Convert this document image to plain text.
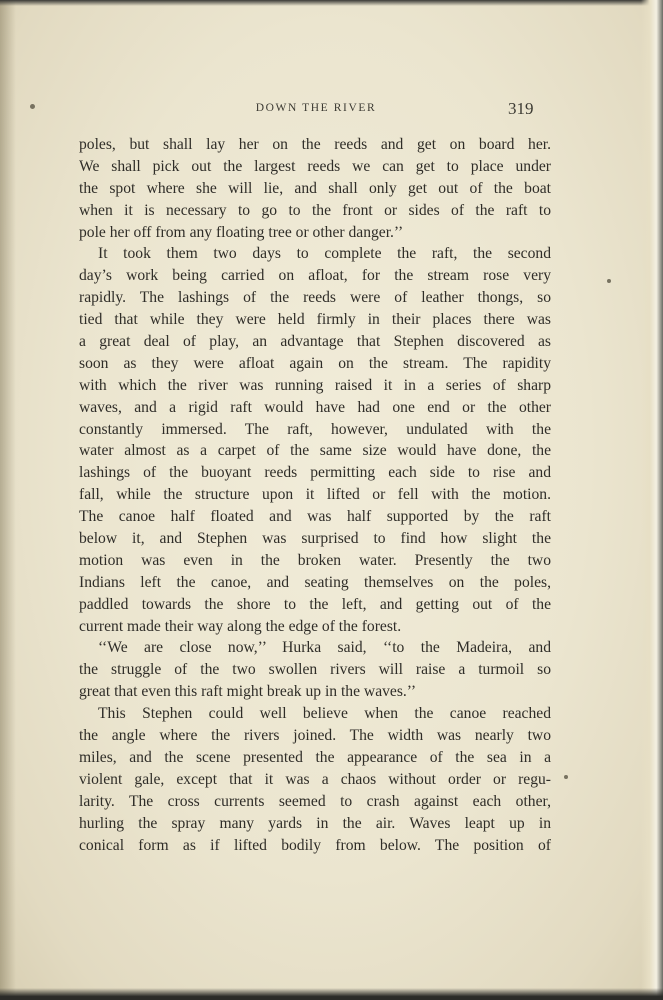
DOWN THE RIVER	319
poles, but shall lay her on the reeds and get on board her.
We shall pick out the largest reeds we can get to place under
the spot where she will lie, and shall only get out of the boat
when it is necessary to go to the front or sides of the raft to
pole her off from any floating tree or other danger.’’
It took them two days to complete the raft, the second
day’s work being carried on afloat, for the stream rose very
rapidly. The lashings of the reeds were of leather thongs, so
tied that while they were held firmly in their places there was
a great deal of play, an advantage that Stephen discovered as
soon as they were afloat again on the stream. The rapidity
with which the river was running raised it in a series of sharp
waves, and a rigid raft would have had one end or the other
constantly immersed. The raft, however, undulated with the
water almost as a carpet of the same size would have done, the
lashings of the buoyant reeds permitting each side to rise and
fall, while the structure upon it lifted or fell with the motion.
The canoe half floated and was half supported by the raft
below it, and Stephen was surprised to find how slight the
motion was even in the broken water. Presently the two
Indians left the canoe, and seating themselves on the poles,
paddled towards the shore to the left, and getting out of the
current made their way along the edge of the forest.
‘‘We are close now,’’ Hurka said, ‘‘to the Madeira, and
the struggle of the two swollen rivers will raise a turmoil so
great that even this raft might break up in the waves.’’
This Stephen could well believe when the canoe reached
the angle where the rivers joined. The width was nearly two
miles, and the scene presented the appearance of the sea in a
violent gale, except that it was a chaos without order or regu-
larity. The cross currents seemed to crash against each other,
hurling the spray many yards in the air. Waves leapt up in
conical form as if lifted bodily from below. The position of
